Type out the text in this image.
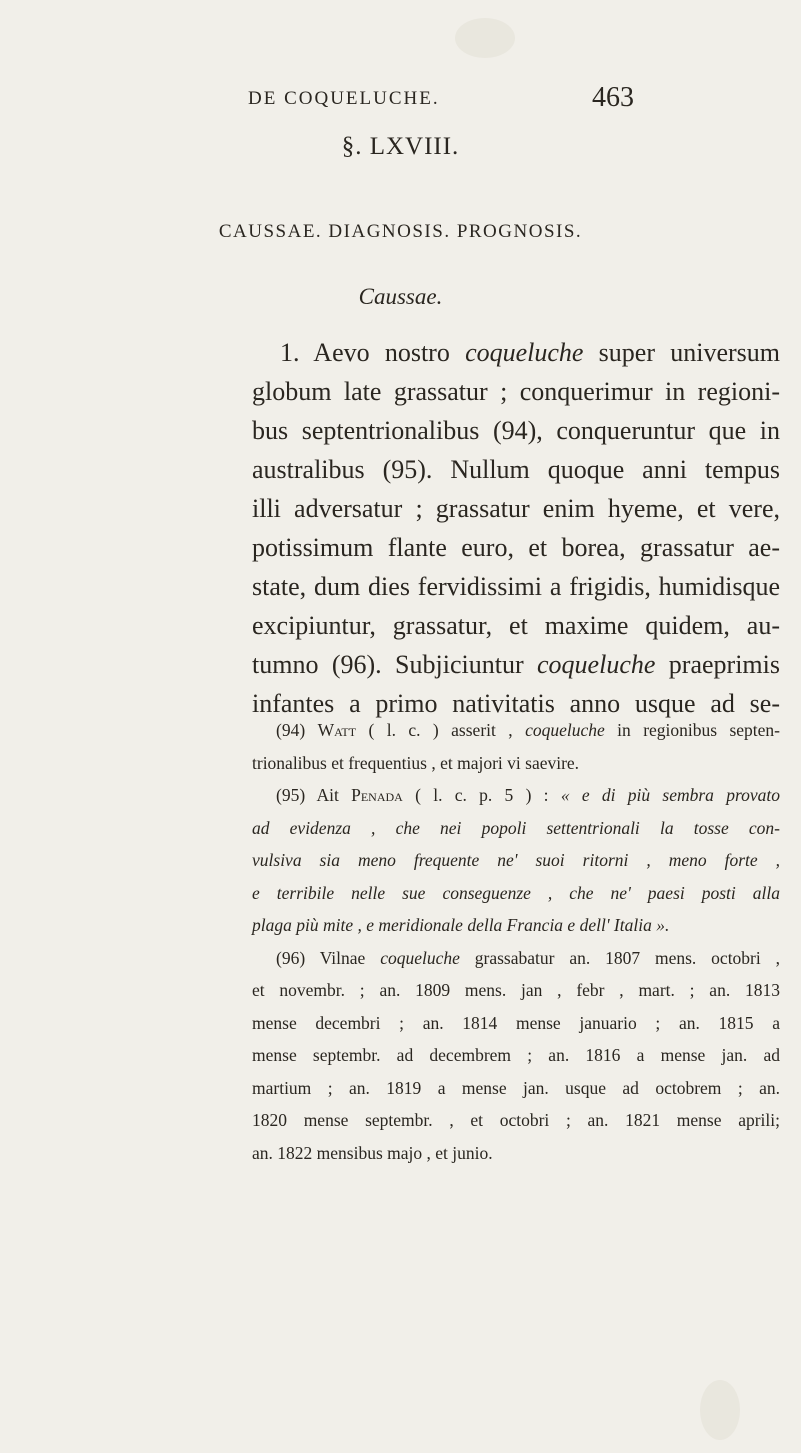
DE COQUELUCHE.	463
§. LXVIII.
CAUSSAE. DIAGNOSIS. PROGNOSIS.
Caussae.
1. Aevo nostro coqueluche super universum
globum late grassatur ; conquerimur in regioni-
bus septentrionalibus (94), conqueruntur que in
australibus (95). Nullum quoque anni tempus
illi adversatur ; grassatur enim hyeme, et vere,
potissimum flante euro, et borea, grassatur ae-
state, dum dies fervidissimi a frigidis, humidisque
excipiuntur, grassatur, et maxime quidem, au-
tumno (96). Subjiciuntur coqueluche praeprimis
infantes a primo nativitatis anno usque ad se-
(94) Watt ( l. c. ) asserit , coqueluche in regionibus septen-
trionalibus et frequentius , et majori vi saevire.
(95) Ait Penada ( l. c. p. 5 ) : « e di più sembra provato
ad evidenza , che nei popoli settentrionali la tosse con-
vulsiva sia meno frequente ne' suoi ritorni , meno forte ,
e terribile nelle sue conseguenze , che ne' paesi posti alla
plaga più mite , e meridionale della Francia e dell' Italia ».
(96) Vilnae coqueluche grassabatur an. 1807 mens. octobri ,
et novembr. ; an. 1809 mens. jan , febr , mart. ; an. 1813
mense decembri ; an. 1814 mense januario ; an. 1815 a
mense septembr. ad decembrem ; an. 1816 a mense jan. ad
martium ; an. 1819 a mense jan. usque ad octobrem ; an.
1820 mense septembr. , et octobri ; an. 1821 mense aprili;
an. 1822 mensibus majo , et junio.
